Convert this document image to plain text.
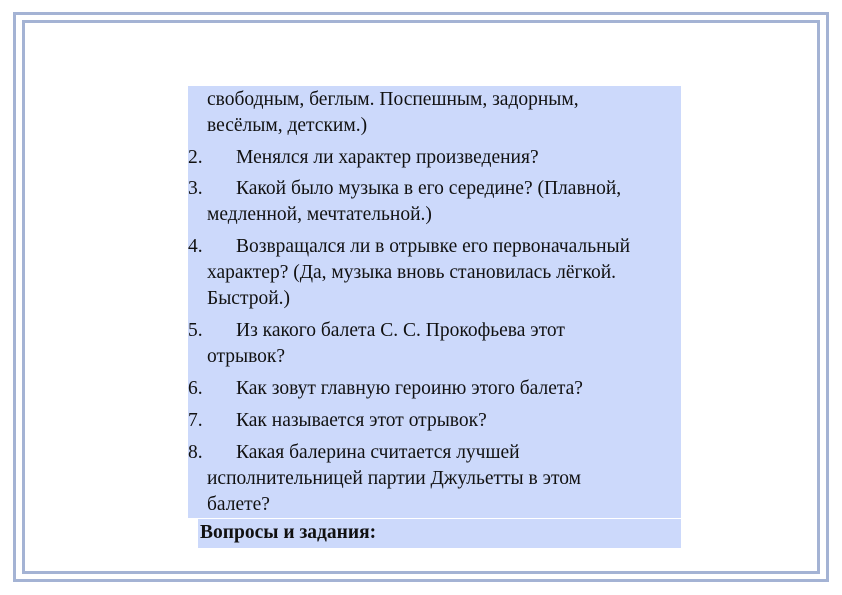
свободным, беглым. Поспешным, задорным,
весёлым, детским.)
2. Менялся ли характер произведения?
3. Какой было музыка в его середине? (Плавной,
медленной, мечтательной.)
4. Возвращался ли в отрывке его первоначальный
характер? (Да, музыка вновь становилась лёгкой.
Быстрой.)
5. Из какого балета С. С. Прокофьева этот
отрывок?
6. Как зовут главную героиню этого балета?
7. Как называется этот отрывок?
8. Какая балерина считается лучшей
исполнительницей партии Джульетты в этом
балете?
Вопросы и задания:
